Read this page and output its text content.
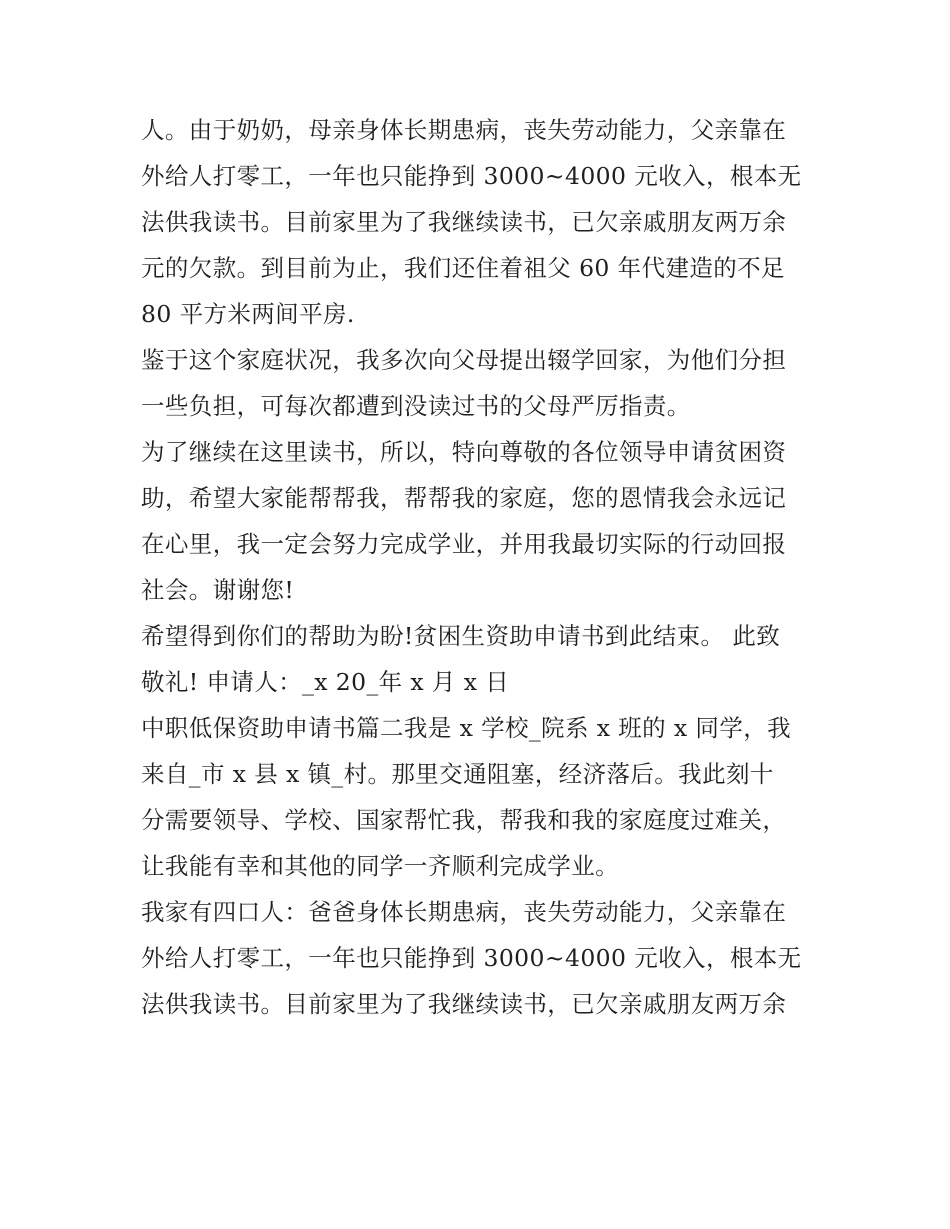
人。由于奶奶，母亲身体长期患病，丧失劳动能力，父亲靠在
外给人打零工，一年也只能挣到 3000~4000 元收入，根本无
法供我读书。目前家里为了我继续读书，已欠亲戚朋友两万余
元的欠款。到目前为止，我们还住着祖父 60 年代建造的不足
80 平方米两间平房.
鉴于这个家庭状况，我多次向父母提出辍学回家，为他们分担
一些负担，可每次都遭到没读过书的父母严厉指责。
为了继续在这里读书，所以，特向尊敬的各位领导申请贫困资
助，希望大家能帮帮我，帮帮我的家庭，您的恩情我会永远记
在心里，我一定会努力完成学业，并用我最切实际的行动回报
社会。谢谢您!
希望得到你们的帮助为盼!贫困生资助申请书到此结束。 此致
敬礼! 申请人：_x 20_年 x 月 x 日
中职低保资助申请书篇二我是 x 学校_院系 x 班的 x 同学，我
来自_市 x 县 x 镇_村。那里交通阻塞，经济落后。我此刻十
分需要领导、学校、国家帮忙我，帮我和我的家庭度过难关，
让我能有幸和其他的同学一齐顺利完成学业。
我家有四口人：爸爸身体长期患病，丧失劳动能力，父亲靠在
外给人打零工，一年也只能挣到 3000~4000 元收入，根本无
法供我读书。目前家里为了我继续读书，已欠亲戚朋友两万余
